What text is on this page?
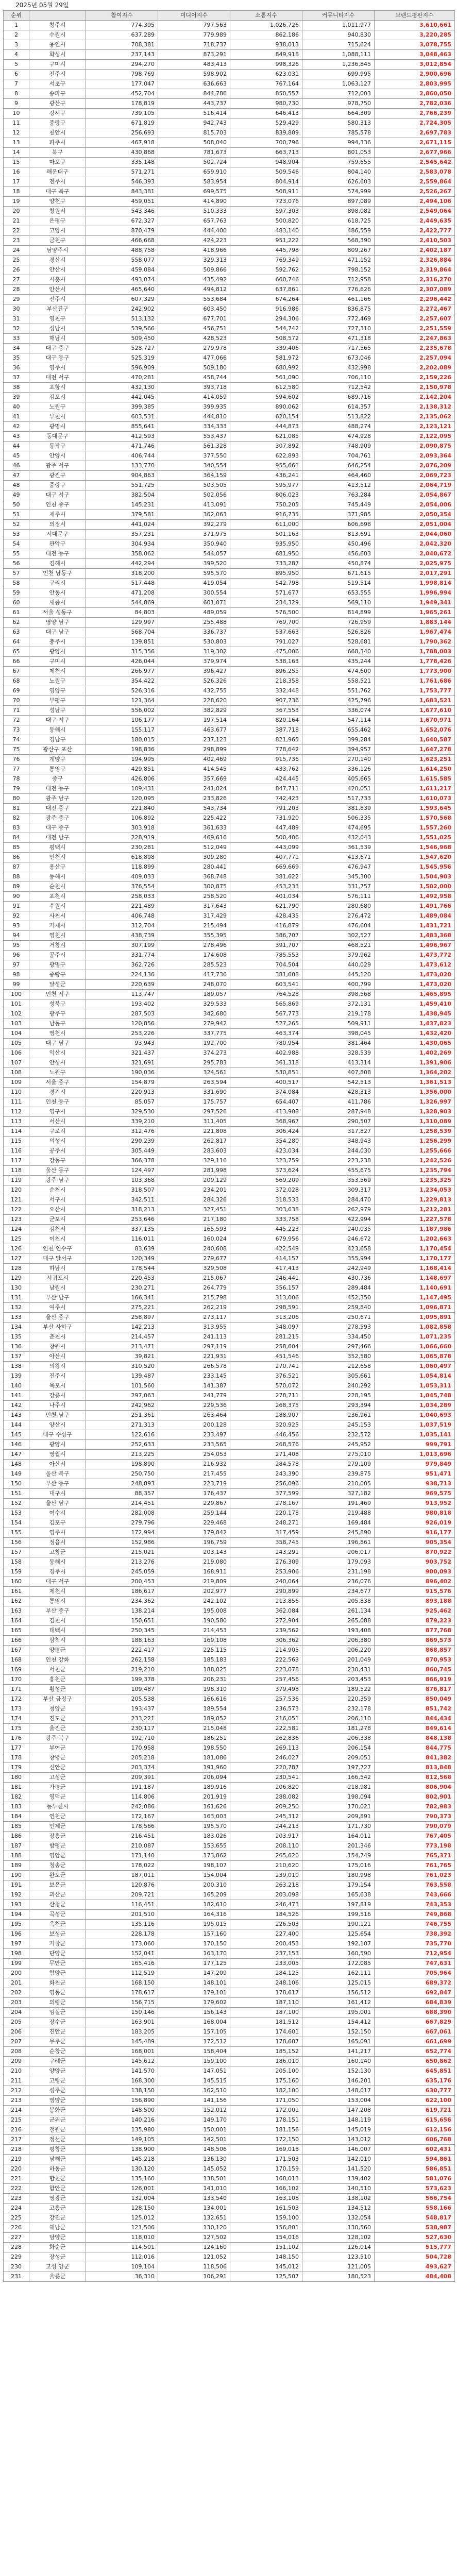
2025년 05월 29일
순위		참여지수	미디어지수	소통지수	커뮤니티지수	브랜드평판지수
1	청주시	774,395	797,563	1,026,726	1,011,977	3,610,661
2	수원시	637,289	779,989	862,186	940,830	3,220,285
3	용인시	708,381	718,737	938,013	715,624	3,078,755
4	화성시	237,143	873,291	849,918	1,088,111	3,048,463
5	구미시	294,270	483,413	998,326	1,236,845	3,012,854
6	전주시	798,769	598,902	623,031	699,995	2,900,696
7	서초구	177,047	636,663	767,164	1,063,127	2,803,995
8	송파구	452,704	844,786	850,557	712,003	2,860,050
9	광산구	178,819	443,737	980,730	978,750	2,782,036
10	강서구	739,105	516,414	646,413	664,309	2,766,239
11	중랑구	671,819	942,743	529,429	580,313	2,724,305
12	천안시	256,693	815,703	839,809	785,578	2,697,783
13	파주시	467,918	508,040	700,796	994,336	2,671,115
14	북구	430,868	781,673	663,713	801,053	2,677,966
15	마포구	335,148	502,724	948,904	759,655	2,545,642
16	해운대구	571,271	659,910	509,546	804,140	2,583,078
17	전주시	546,393	583,954	804,914	626,603	2,559,864
18	대구 북구	843,381	699,575	508,911	574,999	2,526,267
19	양천구	459,051	414,890	723,076	897,089	2,494,106
20	창원시	543,346	510,333	597,303	898,082	2,549,064
21	은평구	672,327	657,763	500,820	618,725	2,449,635
22	고양시	870,479	444,400	483,140	486,559	2,422,777
23	금천구	466,668	424,223	951,222	568,390	2,410,503
24	남양주시	488,758	418,966	445,798	809,267	2,402,187
25	경산시	558,077	329,313	769,349	471,152	2,326,884
26	안산시	459,084	509,866	592,762	798,152	2,319,864
27	시흥시	493,074	435,492	660,746	712,958	2,316,270
28	안산시	465,640	494,812	637,861	776,626	2,307,089
29	진주시	607,329	553,684	674,264	461,166	2,296,442
30	부산진구	242,902	603,450	916,986	836,875	2,272,467
31	영천구	513,132	677,701	294,306	772,469	2,257,607
32	성남시	539,566	456,751	544,742	727,310	2,251,559
33	해남시	509,450	428,523	508,572	471,318	2,247,863
34	대구 중구	528,727	279,978	339,406	717,565	2,235,678
35	대구 동구	525,319	477,066	581,972	673,046	2,257,094
36	영주시	596,909	509,180	680,992	432,998	2,202,089
37	대전 서구	470,281	458,744	561,090	706,110	2,159,226
38	포항시	432,130	393,718	612,580	712,542	2,150,978
39	김포시	442,045	414,059	594,602	689,716	2,142,204
40	노원구	399,385	399,935	890,062	614,357	2,138,312
41	부천시	603,531	444,810	620,154	513,822	2,135,062
42	광명시	855,641	334,333	444,873	488,274	2,123,121
43	동대문구	412,593	553,437	621,085	474,928	2,122,095
44	동작구	471,746	561,328	307,892	748,909	2,090,875
45	안양시	406,744	377,550	622,893	704,761	2,093,364
46	광주 서구	133,770	340,554	955,661	646,254	2,076,209
47	광진구	904,863	364,159	436,241	464,460	2,069,723
48	중랑구	551,725	503,505	595,977	413,512	2,064,719
49	대구 서구	382,504	502,056	806,023	763,284	2,054,867
50	인천 중구	145,231	413,091	750,205	745,449	2,054,006
51	제주시	379,581	362,063	916,735	371,985	2,050,354
52	의정시	441,024	392,279	611,000	606,698	2,051,004
53	서대문구	357,231	371,975	501,163	813,691	2,044,060
54	관악구	304,934	350,940	935,950	450,496	2,042,320
55	대전 동구	358,062	544,057	681,950	456,603	2,040,672
56	김해시	442,294	399,520	733,287	450,874	2,025,975
57	인천 남동구	318,200	595,570	895,950	671,615	2,017,291
58	구리시	517,448	419,054	542,798	519,514	1,998,814
59	안동시	471,208	300,554	571,677	653,555	1,996,994
60	세종시	544,869	601,071	234,329	569,110	1,949,341
61	서울 성동구	84,803	489,059	576,500	814,899	1,965,261
62	영양 남구	129,997	255,488	769,700	726,959	1,883,144
63	대구 남구	568,704	336,737	537,663	526,826	1,967,474
64	충주시	139,851	530,803	791,027	528,681	1,790,362
65	광양시	315,356	319,302	475,006	668,340	1,788,003
66	구미시	426,044	379,974	538,163	435,244	1,778,426
67	제천시	266,977	396,427	896,255	474,600	1,773,900
68	노원구	354,422	526,326	218,358	558,521	1,761,686
69	영양구	526,316	432,755	332,448	551,762	1,753,777
70	부평구	121,364	228,620	907,736	425,796	1,683,521
71	성남구	556,002	382,829	367,553	336,074	1,677,610
72	대구 서구	106,177	197,514	820,164	547,114	1,670,971
73	동해시	155,117	463,677	387,718	655,462	1,652,076
74	경남구	180,015	237,123	821,965	399,284	1,640,587
75	광산구 포산	198,836	298,899	778,642	394,957	1,647,278
76	계양구	194,995	402,469	915,736	270,140	1,623,251
77	통영구	429,851	414,545	433,762	336,126	1,614,250
78	중구	426,806	357,669	424,445	405,665	1,615,585
79	대전 동구	109,431	241,024	847,711	420,051	1,611,217
80	광주 남구	120,095	233,826	742,423	517,733	1,610,073
81	대전 중구	221,840	543,734	791,203	381,839	1,593,645
82	광주 중구	106,892	225,422	731,920	506,335	1,570,568
83	대구 중구	303,918	361,633	447,489	474,695	1,557,260
84	대전 남구	228,919	469,616	500,406	432,043	1,551,025
85	평택시	230,281	512,049	443,099	361,539	1,546,968
86	인천시	618,898	309,280	407,771	413,671	1,547,620
87	용산구	118,899	280,441	669,669	476,947	1,545,956
88	동해시	409,033	368,748	381,622	345,300	1,504,903
89	순천시	376,554	300,875	453,233	331,757	1,502,000
90	포천시	258,033	258,520	401,034	576,111	1,492,958
91	수원시	221,489	317,643	621,790	280,680	1,491,766
92	사천시	406,748	317,429	428,435	276,472	1,489,084
93	거제시	312,704	215,494	416,879	476,604	1,431,721
94	영천시	438,739	355,395	386,707	302,527	1,483,368
95	거창시	307,199	278,496	391,707	468,521	1,496,967
96	공주시	331,774	174,608	785,553	379,962	1,473,772
97	광명구	362,726	285,523	704,504	440,029	1,473,612
98	중랑구	224,136	417,736	381,608	445,120	1,473,020
99	달성군	220,639	248,070	603,541	400,799	1,473,020
100	인천 서구	113,747	189,057	764,528	398,568	1,465,895
101	성북구	193,402	329,533	565,869	372,131	1,459,410
102	광주구	287,503	342,680	567,773	219,178	1,438,945
103	남동구	120,856	279,942	527,265	509,911	1,437,823
104	영천시	253,226	337,775	463,374	398,045	1,432,420
105	대구 남구	93,943	192,700	780,954	381,464	1,430,065
106	익산시	321,437	374,273	402,988	328,539	1,402,269
107	안성시	321,691	295,783	361,318	413,314	1,391,906
108	노원구	190,036	324,561	530,851	407,808	1,364,202
109	서울 중구	154,879	263,594	400,517	542,513	1,361,513
110	경기시	220,913	331,690	374,084	428,313	1,356,000
111	인천 동구	85,057	175,757	654,407	411,786	1,326,997
112	영구시	329,530	297,526	413,908	287,948	1,328,903
113	서산시	339,210	311,405	368,967	290,507	1,310,089
114	구로시	312,476	221,808	306,424	317,827	1,258,539
115	의성시	290,239	262,817	354,280	348,943	1,256,299
116	공주시	305,449	283,603	423,034	244,030	1,255,666
117	강동구	366,378	329,116	323,759	223,238	1,242,526
118	울산 동구	124,497	281,998	373,624	455,675	1,235,794
119	광주 남구	103,368	209,129	569,209	353,569	1,235,325
120	순천시	318,507	234,201	372,028	309,317	1,234,053
121	서구시	342,511	284,326	318,533	284,470	1,229,813
122	오산시	318,213	327,451	303,638	262,979	1,212,281
123	군포시	253,646	217,180	333,758	422,994	1,227,578
124	김천시	337,135	165,593	445,223	240,035	1,187,986
125	이천시	116,011	160,024	679,956	246,672	1,202,663
126	인천 연수구	83,639	240,608	422,549	423,658	1,170,454
127	대구 달서구	120,349	279,677	414,157	355,994	1,170,177
128	하남시	178,544	329,508	417,413	242,949	1,168,414
129	서귀포시	220,453	215,067	246,441	430,736	1,148,697
130	남원시	230,271	264,779	356,157	289,484	1,140,691
131	부산 남구	166,341	215,798	313,006	452,350	1,147,495
132	여주시	275,221	262,219	298,591	259,840	1,096,871
133	울산 중구	258,897	273,117	313,206	250,671	1,095,891
134	부산 사하구	142,213	313,955	348,097	278,593	1,082,858
135	춘천시	214,457	241,113	281,215	334,450	1,071,235
136	창원시	213,471	297,119	258,604	297,466	1,066,660
137	아산시	39,821	221,931	451,546	352,580	1,065,878
138	의왕시	310,520	266,578	270,741	212,658	1,060,497
139	진주시	139,487	233,145	376,521	305,661	1,054,814
140	목포시	101,560	141,387	570,072	240,292	1,053,311
141	강릉시	297,063	241,779	278,711	228,195	1,045,748
142	나주시	242,962	229,536	268,375	293,394	1,034,289
143	인천 남구	251,361	263,464	288,907	236,961	1,040,693
144	양산시	271,313	200,128	320,925	245,153	1,037,519
145	대구 수성구	122,616	233,497	446,456	232,572	1,035,141
146	광양시	252,633	233,565	268,576	245,952	999,791
147	영월시	213,225	254,053	271,408	275,010	1,013,696
148	아산시	198,890	216,932	284,578	279,109	979,849
149	울산 북구	250,750	217,455	243,390	239,875	951,471
150	부산 동구	248,893	223,719	256,096	210,005	938,713
151	대구시	88,357	176,437	377,599	327,182	969,575
152	울산 남구	214,451	229,867	278,167	191,469	913,952
153	여수시	282,008	259,144	220,178	219,488	980,818
154	김포구	279,796	229,468	248,271	169,484	926,019
155	영주시	172,994	179,842	317,459	245,890	916,177
156	정읍시	152,986	196,759	358,745	196,861	905,354
157	고창군	215,021	203,143	243,291	206,017	870,922
158	동해시	213,276	219,080	276,309	179,093	903,752
159	경주시	245,059	168,911	253,906	231,198	900,093
160	대구 서구	200,453	219,809	240,064	236,076	896,402
161	제천시	186,617	202,977	290,899	234,677	915,576
162	통영시	234,362	242,102	213,856	205,838	893,188
163	부산 중구	138,214	195,008	362,084	261,134	925,462
164	김천시	150,651	190,580	272,904	265,088	879,223
165	태백시	250,345	214,453	239,562	193,408	877,768
166	삼척시	188,163	169,108	306,362	206,380	869,573
167	양평군	222,417	225,115	214,905	206,220	868,857
168	인천 강화	262,158	185,183	222,563	201,049	870,953
169	서천군	219,210	188,025	223,078	230,431	860,745
170	홍천군	199,378	206,231	257,456	203,453	866,919
171	횡성군	109,487	198,310	379,498	189,522	876,817
172	부산 금정구	205,538	166,616	257,536	220,359	850,049
173	청양군	193,437	189,554	236,573	232,178	851,742
174	진도군	233,221	189,052	216,051	206,110	844,434
175	울진군	230,117	215,048	222,581	181,278	849,614
176	광주 북구	192,710	186,251	262,836	206,338	848,138
177	부여군	170,958	198,550	269,113	206,154	844,775
178	창녕군	205,218	181,086	246,027	209,051	841,382
179	신안군	203,374	191,960	220,787	197,727	813,848
180	고성군	209,391	206,094	230,541	166,542	812,568
181	가평군	191,187	189,916	206,820	218,981	806,904
182	영덕군	114,806	201,919	288,082	198,094	802,901
183	동두천시	242,086	161,626	209,250	170,021	782,983
184	연천군	172,167	163,003	245,312	209,891	790,373
185	인제군	178,566	195,570	244,213	171,730	790,079
186	장흥군	216,451	183,026	203,917	164,011	767,405
187	함평군	210,087	153,655	208,110	201,346	773,198
188	영암군	171,140	173,862	265,620	154,749	765,371
189	청송군	178,022	198,107	210,620	175,016	761,765
190	완도군	187,011	154,004	239,010	180,998	761,023
191	보은군	120,876	200,310	263,218	179,154	763,558
192	괴산군	209,721	165,209	203,098	165,638	743,666
193	산청군	116,451	182,610	246,473	197,819	743,353
194	곡성군	201,510	164,316	184,526	199,516	749,868
195	옥천군	135,116	195,015	226,503	190,121	746,755
196	보성군	228,178	157,160	227,400	125,654	738,392
197	거창군	173,060	170,150	200,453	192,107	735,770
198	단양군	152,041	163,170	237,153	160,590	712,954
199	무안군	165,416	177,125	233,005	172,085	747,631
200	함양군	112,519	147,209	284,125	162,111	705,964
201	화천군	168,150	148,101	248,106	125,015	689,372
202	영동군	178,617	179,101	178,617	156,512	692,847
203	의령군	156,715	179,602	187,110	161,412	684,839
204	임실군	150,146	156,143	187,100	195,001	688,390
205	장수군	163,901	168,004	181,512	154,412	667,829
206	진안군	183,205	157,105	174,601	152,150	667,061
207	무주군	145,489	172,512	178,607	165,091	661,699
208	순창군	168,001	158,404	185,152	141,217	652,774
209	구례군	145,612	159,100	186,010	160,140	650,862
210	양양군	141,570	147,051	205,100	152,130	645,851
211	고령군	168,300	145,515	175,160	146,201	635,176
212	성주군	138,150	162,510	182,100	148,017	630,777
213	영양군	156,890	141,156	171,050	153,004	622,100
214	봉화군	148,500	152,012	172,001	147,208	619,721
215	군위군	140,216	149,170	178,151	148,119	615,656
216	철원군	135,980	150,001	181,156	145,019	612,156
217	정선군	149,105	142,501	172,150	143,012	606,768
218	평창군	138,900	148,506	169,018	146,007	602,431
219	남해군	145,218	136,130	171,503	142,010	594,861
220	하동군	130,120	145,052	170,159	141,520	586,851
221	합천군	135,160	138,501	168,013	139,402	581,076
222	함안군	126,001	141,010	166,102	140,510	573,623
223	영광군	132,004	133,540	163,108	138,102	566,754
224	고흥군	128,150	134,001	161,503	134,512	558,166
225	강진군	125,012	132,651	159,100	132,054	548,817
226	해남군	121,506	130,120	156,801	130,560	538,987
227	담양군	118,010	127,502	154,016	128,102	527,630
228	화순군	114,501	124,160	151,102	126,014	515,777
229	장성군	112,016	121,052	148,150	123,510	504,728
230	고성 양군	109,104	118,506	145,012	121,005	493,627
231	울릉군	36,310	106,291	125,507	180,523	484,408
